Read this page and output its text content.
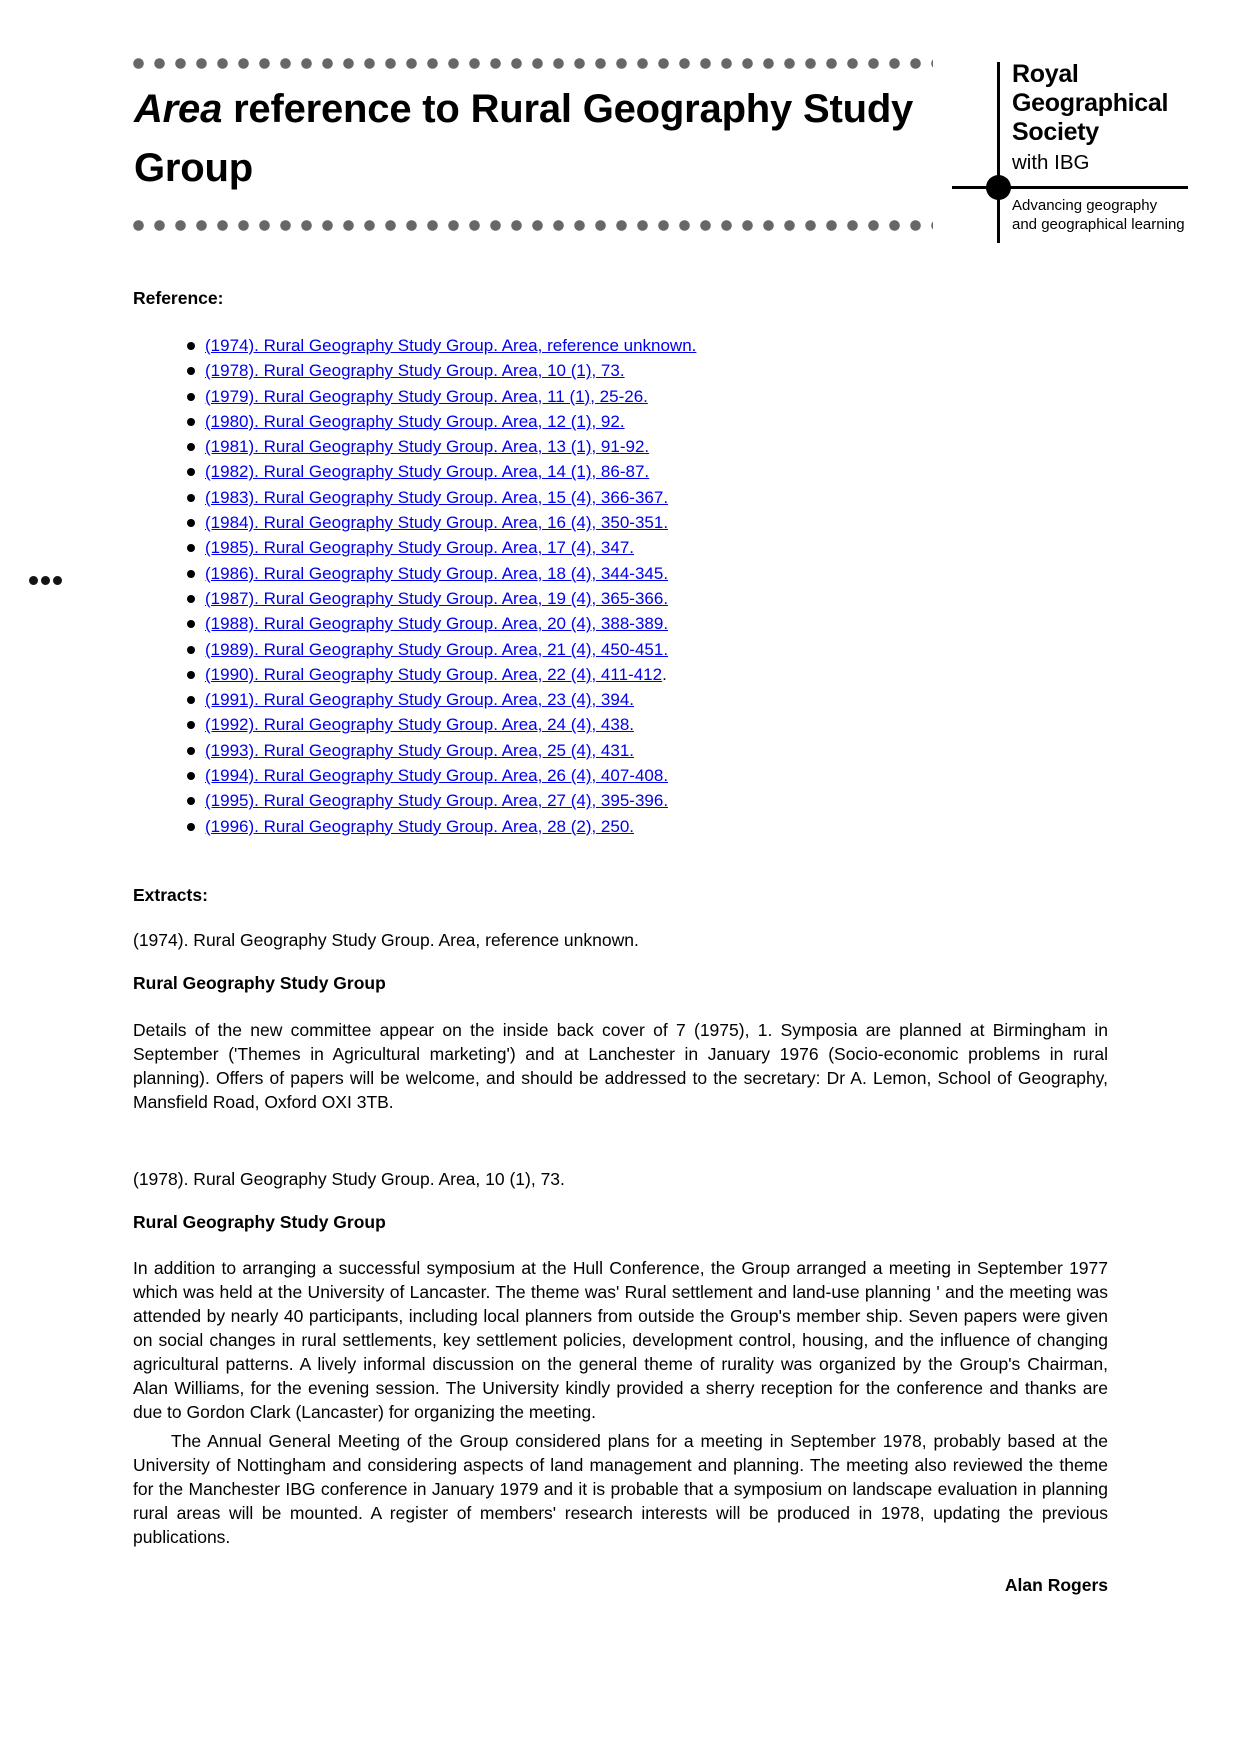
Area reference to Rural Geography Study Group
Royal
Geographical
Society
with IBG
Advancing geography
and geographical learning
Reference:
(1974). Rural Geography Study Group. Area, reference unknown.
(1978). Rural Geography Study Group. Area, 10 (1), 73.
(1979). Rural Geography Study Group. Area, 11 (1), 25-26.
(1980). Rural Geography Study Group. Area, 12 (1), 92.
(1981). Rural Geography Study Group. Area, 13 (1), 91-92.
(1982). Rural Geography Study Group. Area, 14 (1), 86-87.
(1983). Rural Geography Study Group. Area, 15 (4), 366-367.
(1984). Rural Geography Study Group. Area, 16 (4), 350-351.
(1985). Rural Geography Study Group. Area, 17 (4), 347.
(1986). Rural Geography Study Group. Area, 18 (4), 344-345.
(1987). Rural Geography Study Group. Area, 19 (4), 365-366.
(1988). Rural Geography Study Group. Area, 20 (4), 388-389.
(1989). Rural Geography Study Group. Area, 21 (4), 450-451.
(1990). Rural Geography Study Group. Area, 22 (4), 411-412.
(1991). Rural Geography Study Group. Area, 23 (4), 394.
(1992). Rural Geography Study Group. Area, 24 (4), 438.
(1993). Rural Geography Study Group. Area, 25 (4), 431.
(1994). Rural Geography Study Group. Area, 26 (4), 407-408.
(1995). Rural Geography Study Group. Area, 27 (4), 395-396.
(1996). Rural Geography Study Group. Area, 28 (2), 250.
Extracts:

(1974). Rural Geography Study Group. Area, reference unknown.

Rural Geography Study Group

Details of the new committee appear on the inside back cover of 7 (1975), 1. Symposia are planned at Birmingham in September ('Themes in Agricultural marketing') and at Lanchester in January 1976 (Socio-economic problems in rural planning). Offers of papers will be welcome, and should be addressed to the secretary: Dr A. Lemon, School of Geography, Mansfield Road, Oxford OXI 3TB.

(1978). Rural Geography Study Group. Area, 10 (1), 73.

Rural Geography Study Group

In addition to arranging a successful symposium at the Hull Conference, the Group arranged a meeting in September 1977 which was held at the University of Lancaster. The theme was' Rural settlement and land-use planning ' and the meeting was attended by nearly 40 participants, including local planners from outside the Group's member ship. Seven papers were given on social changes in rural settlements, key settlement policies, development control, housing, and the influence of changing agricultural patterns. A lively informal discussion on the general theme of rurality was organized by the Group's Chairman, Alan Williams, for the evening session. The University kindly provided a sherry reception for the conference and thanks are due to Gordon Clark (Lancaster) for organizing the meeting.

The Annual General Meeting of the Group considered plans for a meeting in September 1978, probably based at the University of Nottingham and considering aspects of land management and planning. The meeting also reviewed the theme for the Manchester IBG conference in January 1979 and it is probable that a symposium on landscape evaluation in planning rural areas will be mounted. A register of members' research interests will be produced in 1978, updating the previous publications.

Alan Rogers
